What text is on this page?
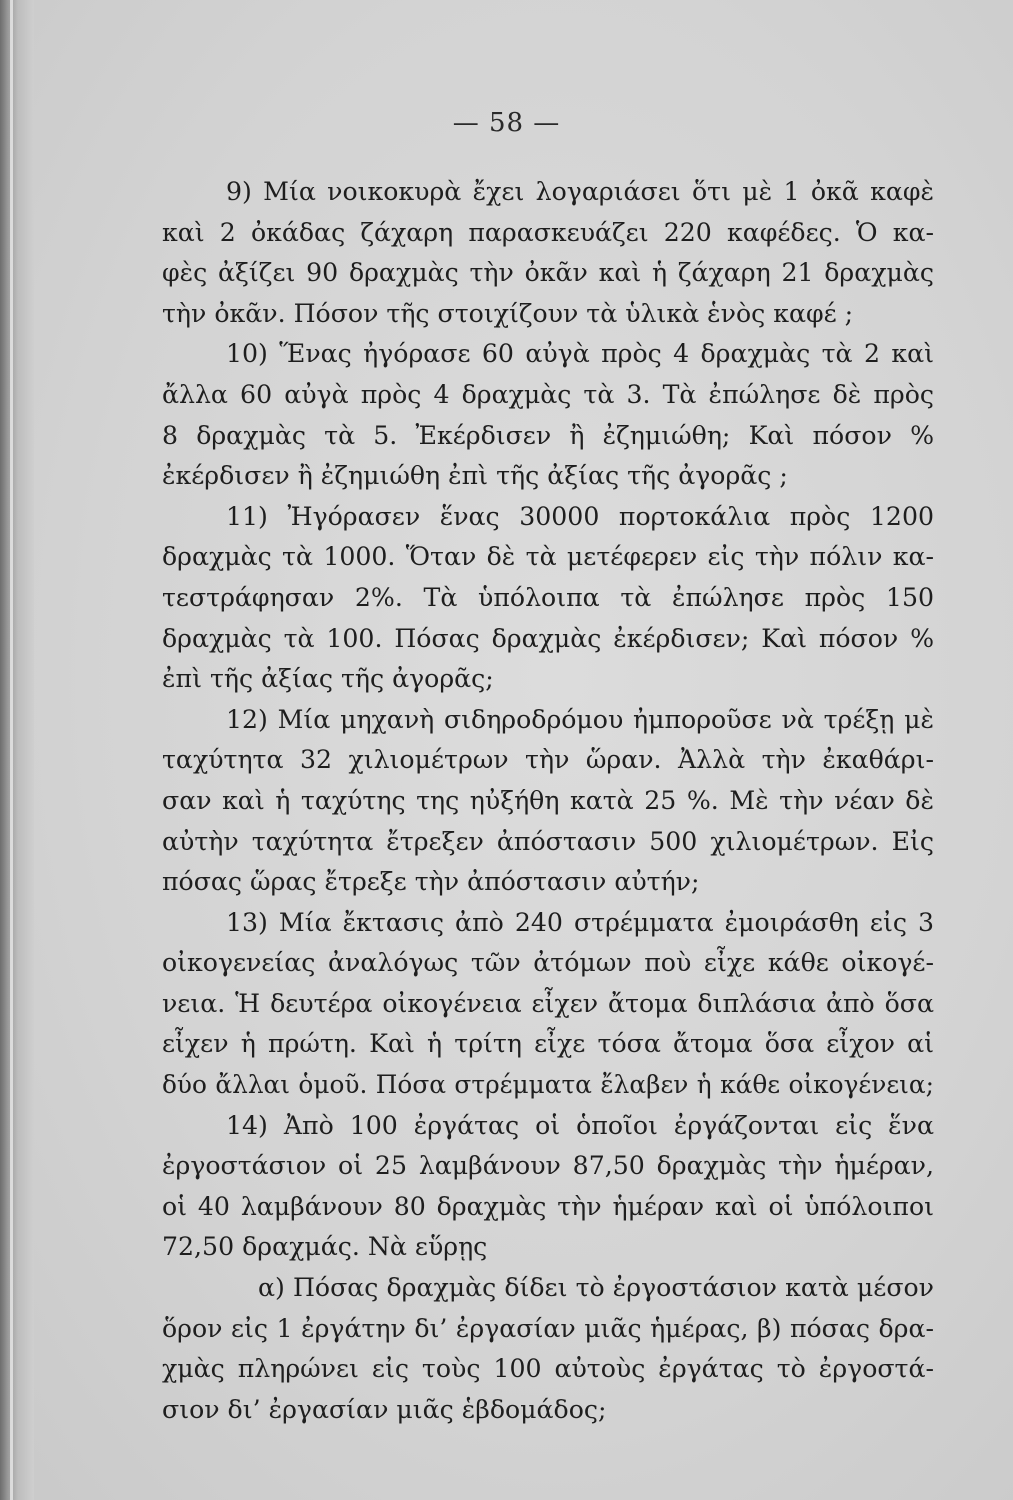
— 58 —
9) Μία νοικοκυρὰ ἔχει λογαριάσει ὅτι μὲ 1 ὀκᾶ καφὲ
καὶ 2 ὀκάδας ζάχαρη παρασκευάζει 220 καφέδες. Ὁ κα-
φὲς ἀξίζει 90 δραχμὰς τὴν ὀκᾶν καὶ ἡ ζάχαρη 21 δραχμὰς
τὴν ὀκᾶν. Πόσον τῆς στοιχίζουν τὰ ὑλικὰ ἑνὸς καφέ ;
10) Ἕνας ἠγόρασε 60 αὐγὰ πρὸς 4 δραχμὰς τὰ 2 καὶ
ἄλλα 60 αὐγὰ πρὸς 4 δραχμὰς τὰ 3. Τὰ ἐπώλησε δὲ πρὸς
8 δραχμὰς τὰ 5. Ἐκέρδισεν ἢ ἐζημιώθη; Καὶ πόσον %
ἐκέρδισεν ἢ ἐζημιώθη ἐπὶ τῆς ἀξίας τῆς ἀγορᾶς ;
11) Ἠγόρασεν ἕνας 30000 πορτοκάλια πρὸς 1200
δραχμὰς τὰ 1000. Ὅταν δὲ τὰ μετέφερεν εἰς τὴν πόλιν κα-
τεστράφησαν 2%. Τὰ ὑπόλοιπα τὰ ἐπώλησε πρὸς 150
δραχμὰς τὰ 100. Πόσας δραχμὰς ἐκέρδισεν; Καὶ πόσον %
ἐπὶ τῆς ἀξίας τῆς ἀγορᾶς;
12) Μία μηχανὴ σιδηροδρόμου ἠμποροῦσε νὰ τρέξῃ μὲ
ταχύτητα 32 χιλιομέτρων τὴν ὥραν. Ἀλλὰ τὴν ἐκαθάρι-
σαν καὶ ἡ ταχύτης της ηὐξήθη κατὰ 25 %. Μὲ τὴν νέαν δὲ
αὐτὴν ταχύτητα ἔτρεξεν ἀπόστασιν 500 χιλιομέτρων. Εἰς
πόσας ὥρας ἔτρεξε τὴν ἀπόστασιν αὐτήν;
13) Μία ἔκτασις ἀπὸ 240 στρέμματα ἐμοιράσθη εἰς 3
οἰκογενείας ἀναλόγως τῶν ἀτόμων ποὺ εἶχε κάθε οἰκογέ-
νεια. Ἡ δευτέρα οἰκογένεια εἶχεν ἄτομα διπλάσια ἀπὸ ὅσα
εἶχεν ἡ πρώτη. Καὶ ἡ τρίτη εἶχε τόσα ἄτομα ὅσα εἶχον αἱ
δύο ἄλλαι ὁμοῦ. Πόσα στρέμματα ἔλαβεν ἡ κάθε οἰκογένεια;
14) Ἀπὸ 100 ἐργάτας οἱ ὁποῖοι ἐργάζονται εἰς ἕνα
ἐργοστάσιον οἱ 25 λαμβάνουν 87,50 δραχμὰς τὴν ἡμέραν,
οἱ 40 λαμβάνουν 80 δραχμὰς τὴν ἡμέραν καὶ οἱ ὑπόλοιποι
72,50 δραχμάς. Νὰ εὕρῃς
α) Πόσας δραχμὰς δίδει τὸ ἐργοστάσιον κατὰ μέσον
ὅρον εἰς 1 ἐργάτην δι’ ἐργασίαν μιᾶς ἡμέρας, β) πόσας δρα-
χμὰς πληρώνει εἰς τοὺς 100 αὐτοὺς ἐργάτας τὸ ἐργοστά-
σιον δι’ ἐργασίαν μιᾶς ἑβδομάδος;
